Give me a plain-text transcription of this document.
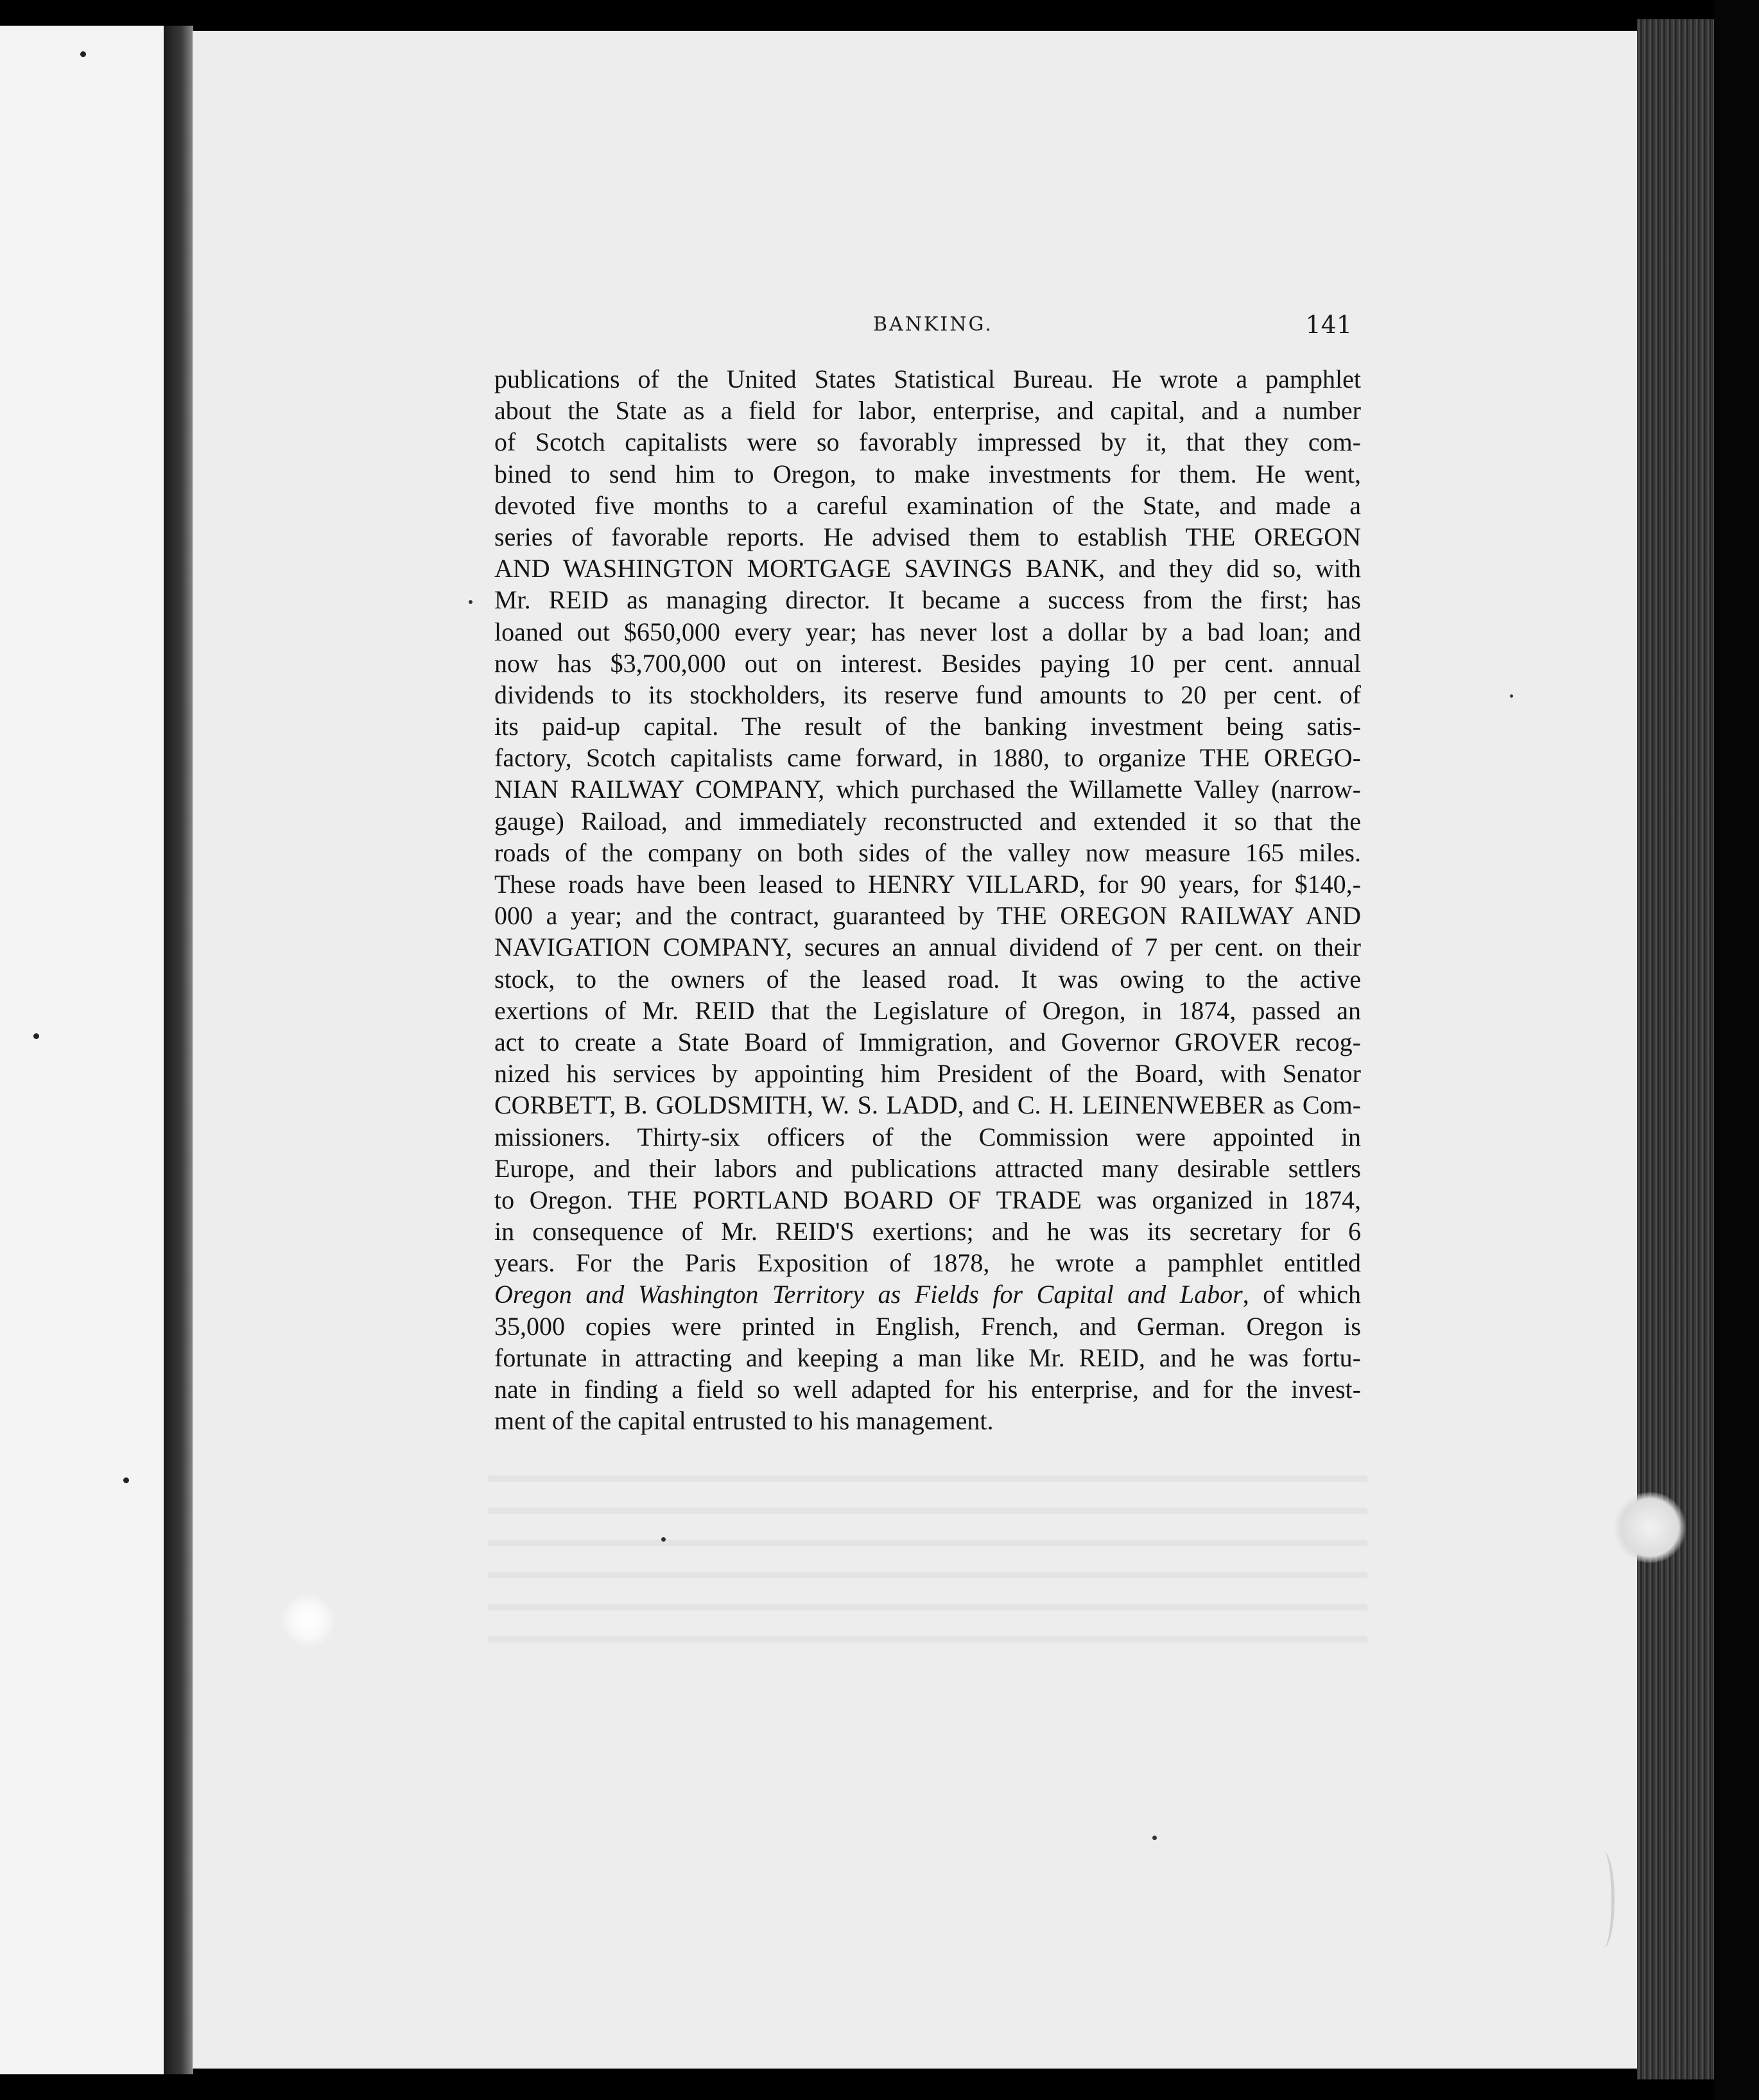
BANKING.	141
publications of the United States Statistical Bureau. He wrote a pamphlet
about the State as a field for labor, enterprise, and capital, and a number
of Scotch capitalists were so favorably impressed by it, that they com-
bined to send him to Oregon, to make investments for them. He went,
devoted five months to a careful examination of the State, and made a
series of favorable reports. He advised them to establish THE OREGON
AND WASHINGTON MORTGAGE SAVINGS BANK, and they did so, with
Mr. REID as managing director. It became a success from the first; has
loaned out $650,000 every year; has never lost a dollar by a bad loan; and
now has $3,700,000 out on interest. Besides paying 10 per cent. annual
dividends to its stockholders, its reserve fund amounts to 20 per cent. of
its paid-up capital. The result of the banking investment being satis-
factory, Scotch capitalists came forward, in 1880, to organize THE OREGO-
NIAN RAILWAY COMPANY, which purchased the Willamette Valley (narrow-
gauge) Raiload, and immediately reconstructed and extended it so that the
roads of the company on both sides of the valley now measure 165 miles.
These roads have been leased to HENRY VILLARD, for 90 years, for $140,-
000 a year; and the contract, guaranteed by THE OREGON RAILWAY AND
NAVIGATION COMPANY, secures an annual dividend of 7 per cent. on their
stock, to the owners of the leased road. It was owing to the active
exertions of Mr. REID that the Legislature of Oregon, in 1874, passed an
act to create a State Board of Immigration, and Governor GROVER recog-
nized his services by appointing him President of the Board, with Senator
CORBETT, B. GOLDSMITH, W. S. LADD, and C. H. LEINENWEBER as Com-
missioners. Thirty-six officers of the Commission were appointed in
Europe, and their labors and publications attracted many desirable settlers
to Oregon. THE PORTLAND BOARD OF TRADE was organized in 1874,
in consequence of Mr. REID'S exertions; and he was its secretary for 6
years. For the Paris Exposition of 1878, he wrote a pamphlet entitled
Oregon and Washington Territory as Fields for Capital and Labor, of which
35,000 copies were printed in English, French, and German. Oregon is
fortunate in attracting and keeping a man like Mr. REID, and he was fortu-
nate in finding a field so well adapted for his enterprise, and for the invest-
ment of the capital entrusted to his management.
